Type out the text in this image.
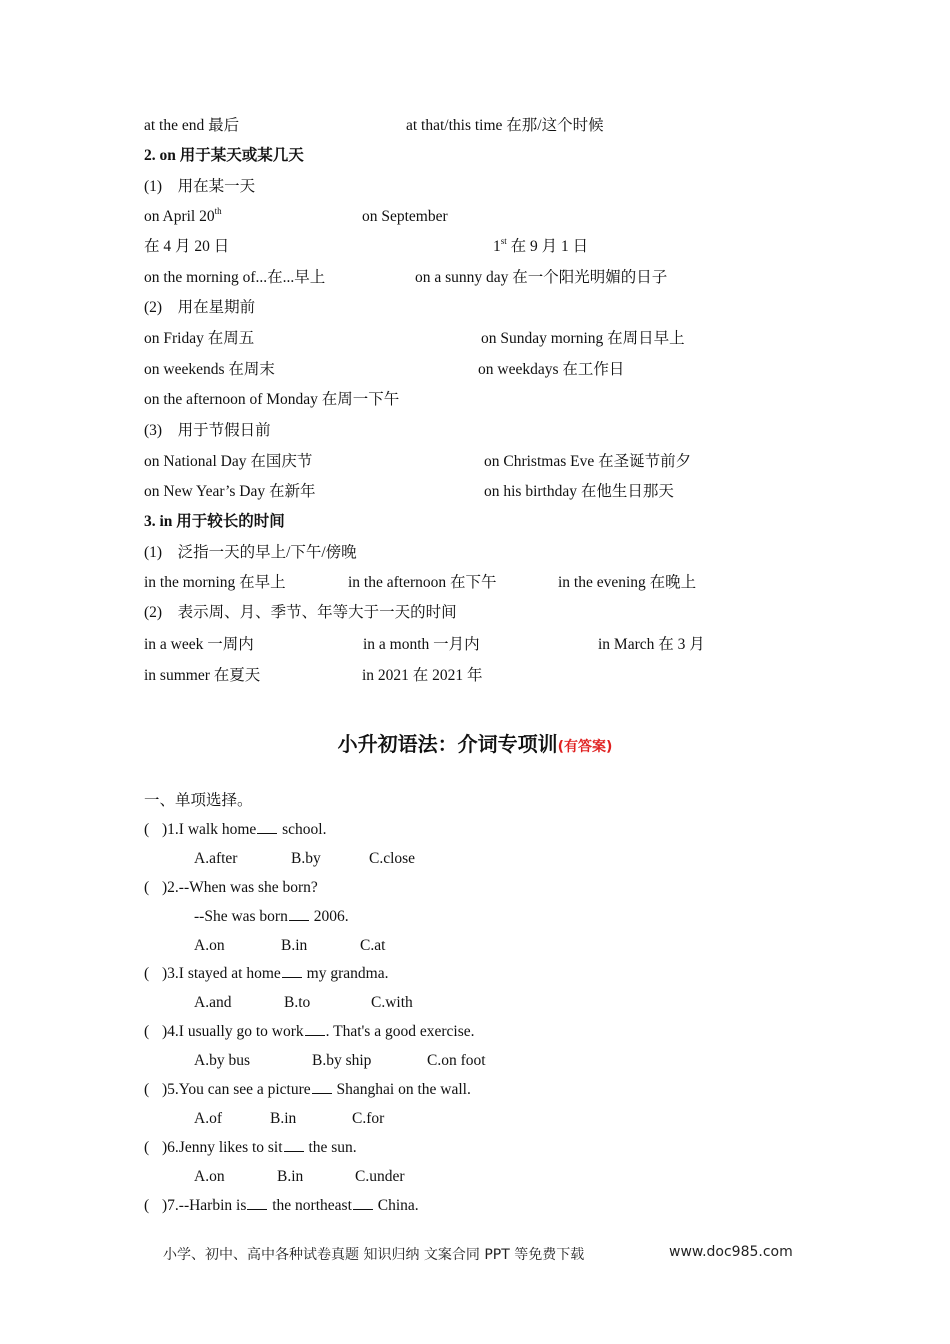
at the end 最后	at that/this time 在那/这个时候
2. on 用于某天或某几天
(1)　用在某一天
on April 20th	on September
在 4 月 20 日	1st 在 9 月 1 日
on the morning of...在...早上	on a sunny day 在一个阳光明媚的日子
(2)　用在星期前
on Friday 在周五	on Sunday morning 在周日早上
on weekends 在周末	on weekdays 在工作日
on the afternoon of Monday 在周一下午
(3)　用于节假日前
on National Day 在国庆节	on Christmas Eve 在圣诞节前夕
on New Year’s Day 在新年	on his birthday 在他生日那天
3. in 用于较长的时间
(1)　泛指一天的早上/下午/傍晚
in the morning 在早上	in the afternoon 在下午	in the evening 在晚上
(2)　表示周、月、季节、年等大于一天的时间
in a week 一周内	in a month 一月内	in March 在 3 月
in summer 在夏天	in 2021 在 2021 年
小升初语法：介词专项训(有答案)
一、单项选择。
( )1.I walk home school.
A.after	B.by	C.close
( )2.--When was she born?
--She was born 2006.
A.on	B.in	C.at
( )3.I stayed at home my grandma.
A.and	B.to	C.with
( )4.I usually go to work . That's a good exercise.
A.by bus	B.by ship	C.on foot
( )5.You can see a picture Shanghai on the wall.
A.of	B.in	C.for
( )6.Jenny likes to sit the sun.
A.on	B.in	C.under
( )7.--Harbin is the northeast China.
小学、初中、高中各种试卷真题 知识归纳 文案合同 PPT 等免费下载	www.doc985.com
